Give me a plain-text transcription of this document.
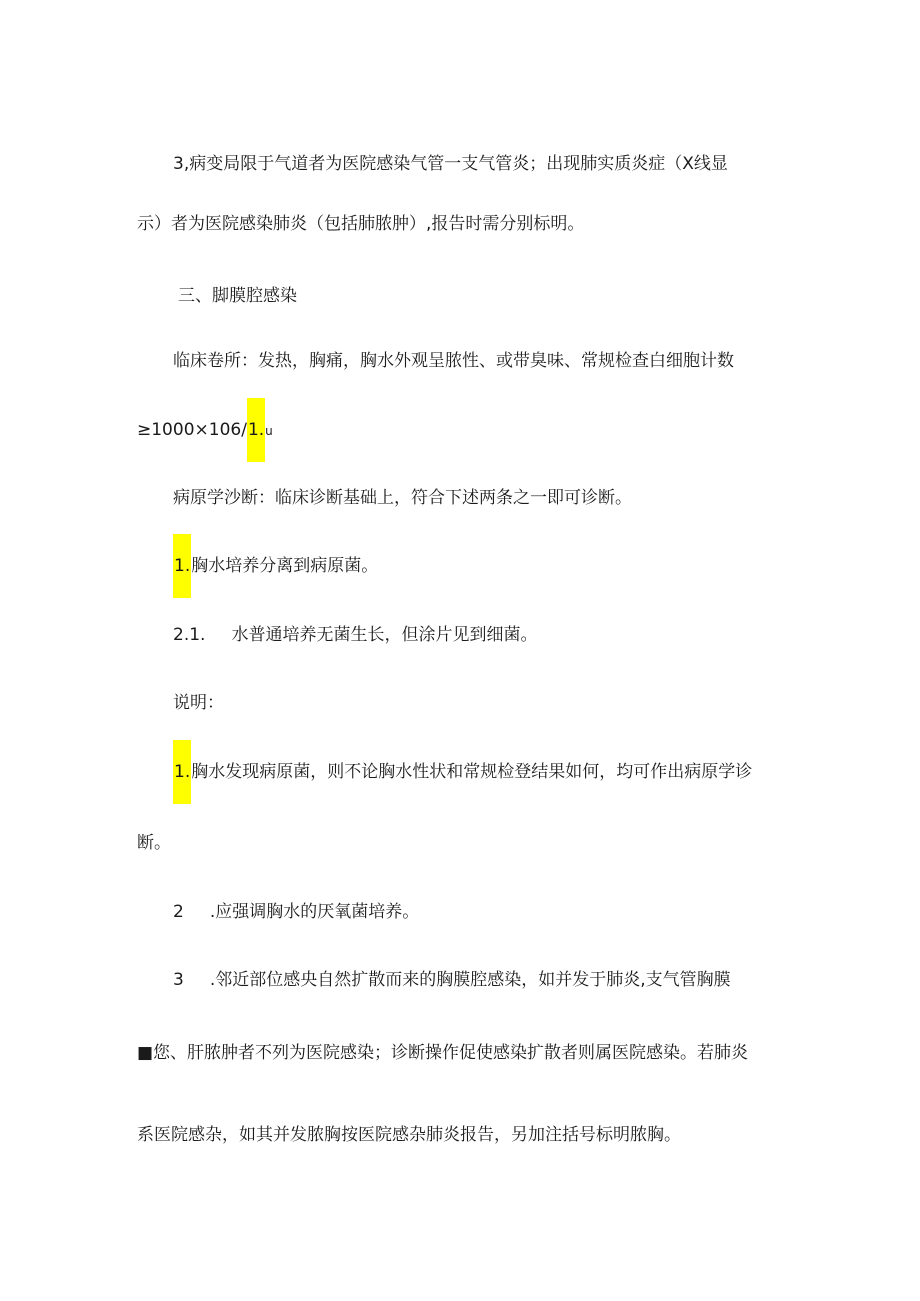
3,病变局限于气道者为医院感染气管一支气管炎；出现肺实质炎症（X线显
示）者为医院感染肺炎（包括肺脓肿）,报告时需分别标明。
三、脚膜腔感染
临床卷所：发热，胸痛，胸水外观呈脓性、或带臭味、常规检查白细胞计数
≥1000×106∕1.u
病原学沙断：临床诊断基础上，符合下述两条之一即可诊断。
1.胸水培养分离到病原菌。
2.1. 水普通培养无菌生长，但涂片见到细菌。
说明：
1.胸水发现病原菌，则不论胸水性状和常规检登结果如何，均可作出病原学诊
断。
2 .应强调胸水的厌氧菌培养。
3 .邻近部位感央自然扩散而来的胸膜腔感染，如并发于肺炎,支气管胸膜
■您、肝脓肿者不列为医院感染；诊断操作促使感染扩散者则属医院感染。若肺炎
系医院感杂，如其并发脓胸按医院感杂肺炎报告，另加注括号标明脓胸。
